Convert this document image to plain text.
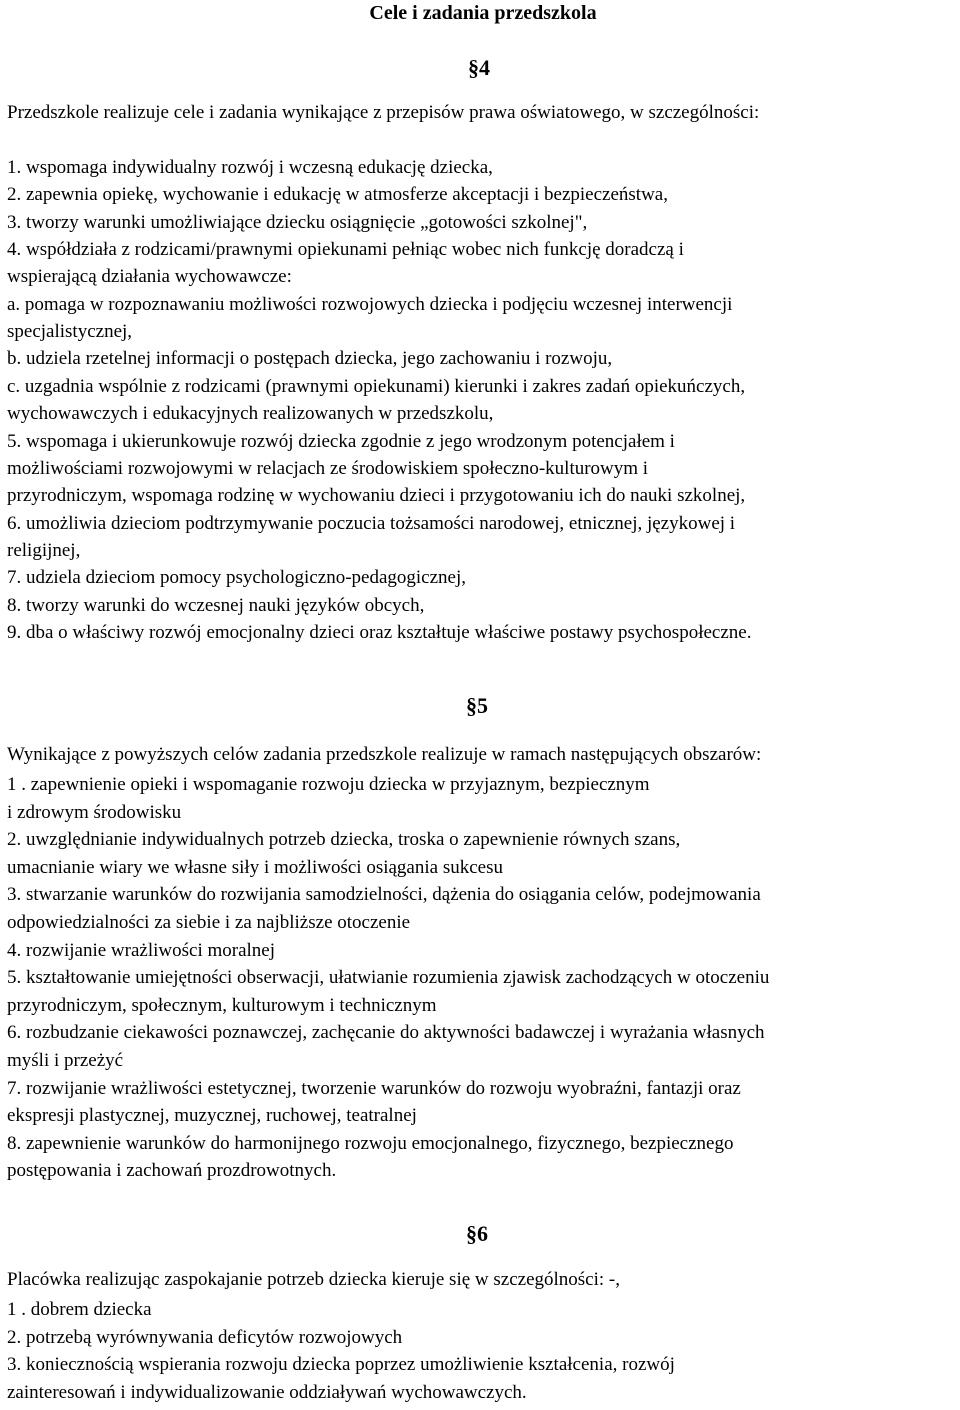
Cele i zadania przedszkola
§4
Przedszkole realizuje cele i zadania wynikające z przepisów prawa oświatowego, w szczególności:
1. wspomaga indywidualny rozwój i wczesną edukację dziecka,
2. zapewnia opiekę, wychowanie i edukację w atmosferze akceptacji i bezpieczeństwa,
3. tworzy warunki umożliwiające dziecku osiągnięcie „gotowości szkolnej",
4. współdziała z rodzicami/prawnymi opiekunami pełniąc wobec nich funkcję doradczą i
wspierającą działania wychowawcze:
a. pomaga w rozpoznawaniu możliwości rozwojowych dziecka i podjęciu wczesnej interwencji
specjalistycznej,
b. udziela rzetelnej informacji o postępach dziecka, jego zachowaniu i rozwoju,
c. uzgadnia wspólnie z rodzicami (prawnymi opiekunami) kierunki i zakres zadań opiekuńczych,
wychowawczych i edukacyjnych realizowanych w przedszkolu,
5. wspomaga i ukierunkowuje rozwój dziecka zgodnie z jego wrodzonym potencjałem i
możliwościami rozwojowymi w relacjach ze środowiskiem społeczno-kulturowym i
przyrodniczym, wspomaga rodzinę w wychowaniu dzieci i przygotowaniu ich do nauki szkolnej,
6. umożliwia dzieciom podtrzymywanie poczucia tożsamości narodowej, etnicznej, językowej i
religijnej,
7. udziela dzieciom pomocy psychologiczno-pedagogicznej,
8. tworzy warunki do wczesnej nauki języków obcych,
9. dba o właściwy rozwój emocjonalny dzieci oraz kształtuje właściwe postawy psychospołeczne.
§5
Wynikające z powyższych celów zadania przedszkole realizuje w ramach następujących obszarów:
1 . zapewnienie opieki i wspomaganie rozwoju dziecka w przyjaznym, bezpiecznym
i zdrowym środowisku
2. uwzględnianie indywidualnych potrzeb dziecka, troska o zapewnienie równych szans,
umacnianie wiary we własne siły i możliwości osiągania sukcesu
3. stwarzanie warunków do rozwijania samodzielności, dążenia do osiągania celów, podejmowania
odpowiedzialności za siebie i za najbliższe otoczenie
4. rozwijanie wrażliwości moralnej
5. kształtowanie umiejętności obserwacji, ułatwianie rozumienia zjawisk zachodzących w otoczeniu
przyrodniczym, społecznym, kulturowym i technicznym
6. rozbudzanie ciekawości poznawczej, zachęcanie do aktywności badawczej i wyrażania własnych
myśli i przeżyć
7. rozwijanie wrażliwości estetycznej, tworzenie warunków do rozwoju wyobraźni, fantazji oraz
ekspresji plastycznej, muzycznej, ruchowej, teatralnej
8. zapewnienie warunków do harmonijnego rozwoju emocjonalnego, fizycznego, bezpiecznego
postępowania i zachowań prozdrowotnych.
§6
Placówka realizując zaspokajanie potrzeb dziecka kieruje się w szczególności: -,
1 . dobrem dziecka
2. potrzebą wyrównywania deficytów rozwojowych
3. koniecznością wspierania rozwoju dziecka poprzez umożliwienie kształcenia, rozwój
zainteresowań i indywidualizowanie oddziaływań wychowawczych.
